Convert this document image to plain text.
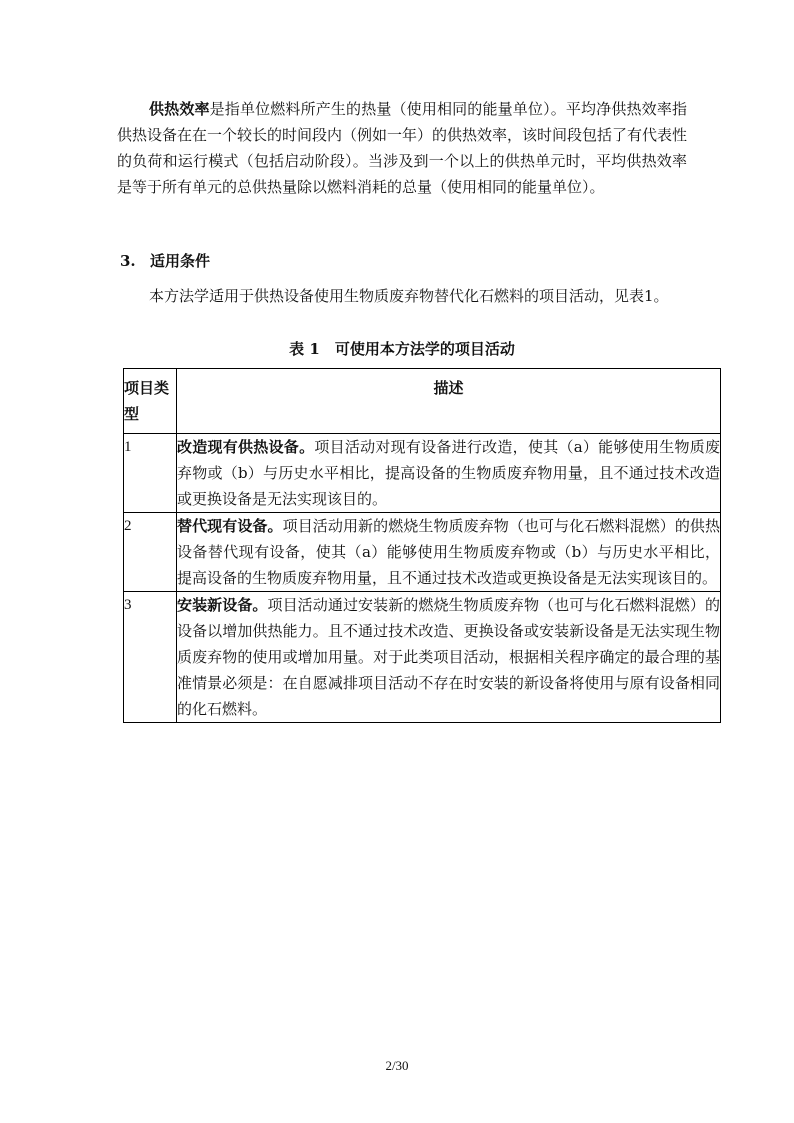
供热效率是指单位燃料所产生的热量（使用相同的能量单位）。平均净供热效率指供热设备在在一个较长的时间段内（例如一年）的供热效率，该时间段包括了有代表性的负荷和运行模式（包括启动阶段）。当涉及到一个以上的供热单元时，平均供热效率是等于所有单元的总供热量除以燃料消耗的总量（使用相同的能量单位）。

3. 适用条件

本方法学适用于供热设备使用生物质废弃物替代化石燃料的项目活动，见表1。

表 1　可使用本方法学的项目活动

项目类型	描述
1	改造现有供热设备。项目活动对现有设备进行改造，使其（a）能够使用生物质废弃物或（b）与历史水平相比，提高设备的生物质废弃物用量，且不通过技术改造或更换设备是无法实现该目的。
2	替代现有设备。项目活动用新的燃烧生物质废弃物（也可与化石燃料混燃）的供热设备替代现有设备，使其（a）能够使用生物质废弃物或（b）与历史水平相比，提高设备的生物质废弃物用量，且不通过技术改造或更换设备是无法实现该目的。
3	安装新设备。项目活动通过安装新的燃烧生物质废弃物（也可与化石燃料混燃）的设备以增加供热能力。且不通过技术改造、更换设备或安装新设备是无法实现生物质废弃物的使用或增加用量。对于此类项目活动，根据相关程序确定的最合理的基准情景必须是：在自愿减排项目活动不存在时安装的新设备将使用与原有设备相同的化石燃料。

2/30
